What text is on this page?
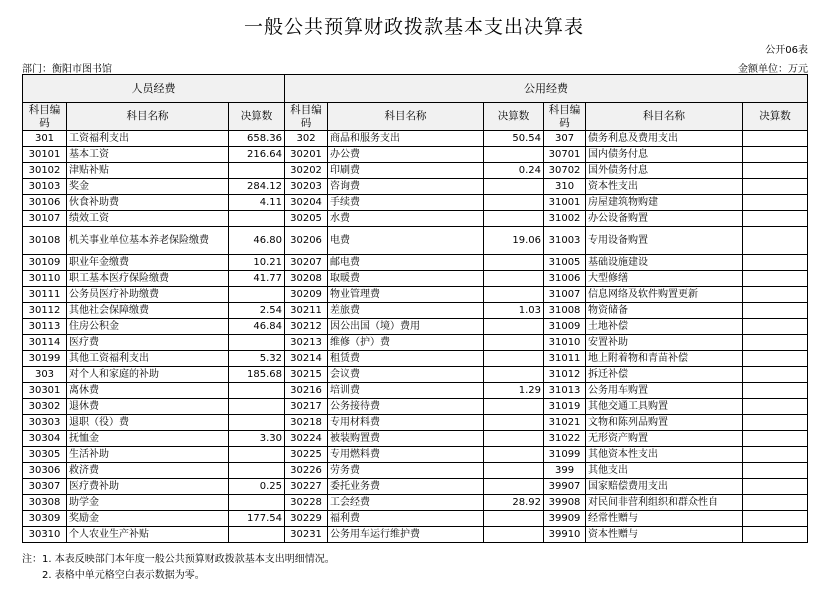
一般公共预算财政拨款基本支出决算表
公开06表
部门：衡阳市图书馆	金额单位：万元
人员经费			公用经费					
科目编码	科目名称	决算数	科目编码	科目名称	决算数	科目编码	科目名称	决算数
301	工资福利支出	658.36	302	商品和服务支出	50.54	307	债务利息及费用支出	
30101	基本工资	216.64	30201	办公费		30701	国内债务付息	
30102	津贴补贴		30202	印刷费	0.24	30702	国外债务付息	
30103	奖金	284.12	30203	咨询费		310	资本性支出	
30106	伙食补助费	4.11	30204	手续费		31001	房屋建筑物购建	
30107	绩效工资		30205	水费		31002	办公设备购置	
30108	机关事业单位基本养老保险缴费	46.80	30206	电费	19.06	31003	专用设备购置	
30109	职业年金缴费	10.21	30207	邮电费		31005	基础设施建设	
30110	职工基本医疗保险缴费	41.77	30208	取暖费		31006	大型修缮	
30111	公务员医疗补助缴费		30209	物业管理费		31007	信息网络及软件购置更新	
30112	其他社会保障缴费	2.54	30211	差旅费	1.03	31008	物资储备	
30113	住房公积金	46.84	30212	因公出国（境）费用		31009	土地补偿	
30114	医疗费		30213	维修（护）费		31010	安置补助	
30199	其他工资福利支出	5.32	30214	租赁费		31011	地上附着物和青苗补偿	
303	对个人和家庭的补助	185.68	30215	会议费		31012	拆迁补偿	
30301	离休费		30216	培训费	1.29	31013	公务用车购置	
30302	退休费		30217	公务接待费		31019	其他交通工具购置	
30303	退职（役）费		30218	专用材料费		31021	文物和陈列品购置	
30304	抚恤金	3.30	30224	被装购置费		31022	无形资产购置	
30305	生活补助		30225	专用燃料费		31099	其他资本性支出	
30306	救济费		30226	劳务费		399	其他支出	
30307	医疗费补助	0.25	30227	委托业务费		39907	国家赔偿费用支出	
30308	助学金		30228	工会经费	28.92	39908	对民间非营利组织和群众性自	
30309	奖励金	177.54	30229	福利费		39909	经常性赠与	
30310	个人农业生产补贴		30231	公务用车运行维护费		39910	资本性赠与	
注：1. 本表反映部门本年度一般公共预算财政拨款基本支出明细情况。
2. 表格中单元格空白表示数据为零。
